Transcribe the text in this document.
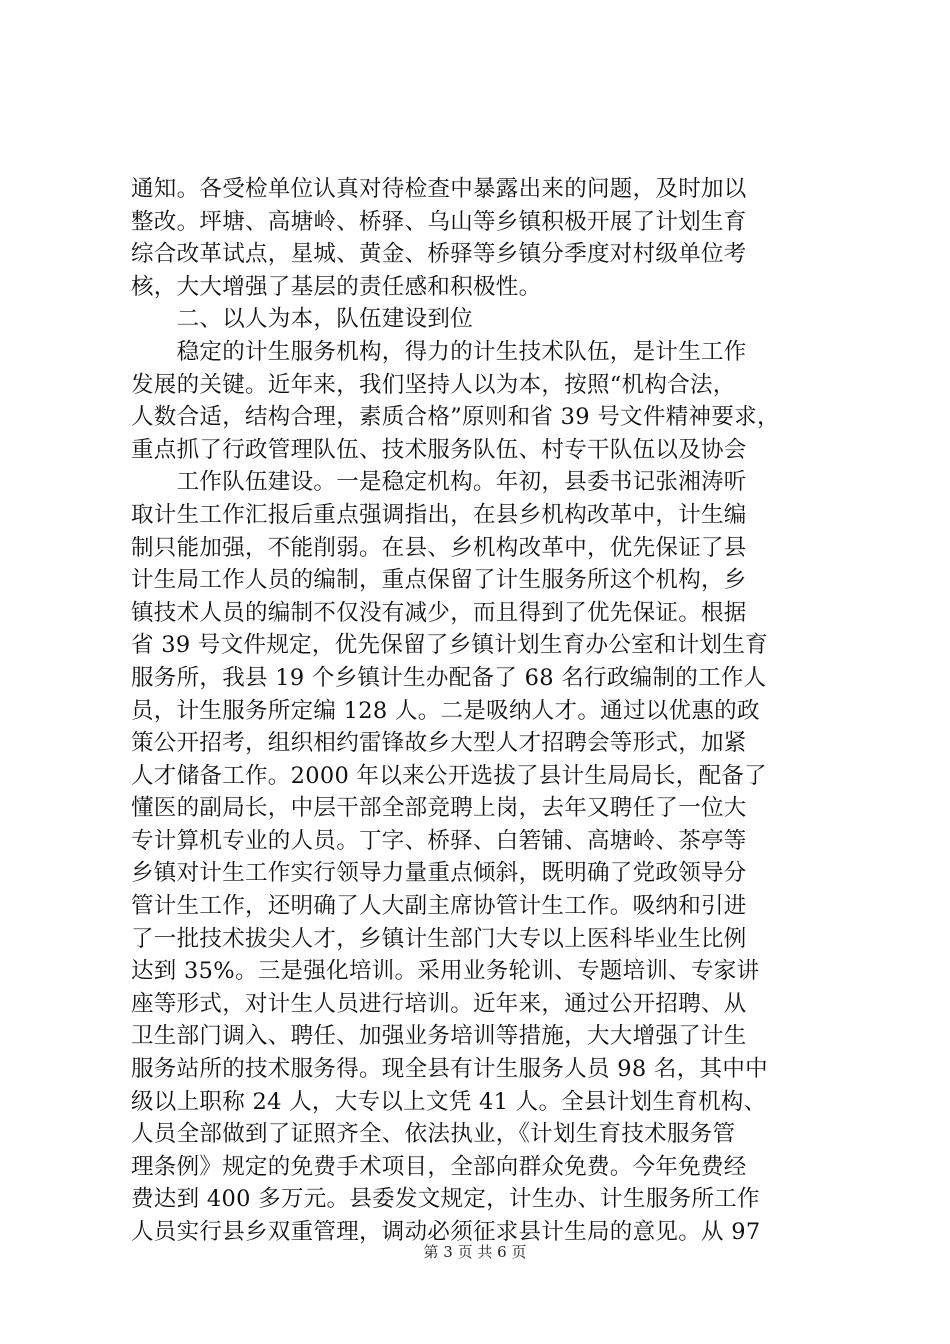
通知。各受检单位认真对待检查中暴露出来的问题，及时加以
整改。坪塘、高塘岭、桥驿、乌山等乡镇积极开展了计划生育
综合改革试点，星城、黄金、桥驿等乡镇分季度对村级单位考
核，大大增强了基层的责任感和积极性。
　　二、以人为本，队伍建设到位
　　稳定的计生服务机构，得力的计生技术队伍，是计生工作
发展的关键。近年来，我们坚持人以为本，按照“机构合法，
人数合适，结构合理，素质合格”原则和省 39 号文件精神要求，
重点抓了行政管理队伍、技术服务队伍、村专干队伍以及协会
　　工作队伍建设。一是稳定机构。年初，县委书记张湘涛听
取计生工作汇报后重点强调指出，在县乡机构改革中，计生编
制只能加强，不能削弱。在县、乡机构改革中，优先保证了县
计生局工作人员的编制，重点保留了计生服务所这个机构，乡
镇技术人员的编制不仅没有减少，而且得到了优先保证。根据
省 39 号文件规定，优先保留了乡镇计划生育办公室和计划生育
服务所，我县 19 个乡镇计生办配备了 68 名行政编制的工作人
员，计生服务所定编 128 人。二是吸纳人才。通过以优惠的政
策公开招考，组织相约雷锋故乡大型人才招聘会等形式，加紧
人才储备工作。2000 年以来公开选拔了县计生局局长，配备了
懂医的副局长，中层干部全部竞聘上岗，去年又聘任了一位大
专计算机专业的人员。丁字、桥驿、白箬铺、高塘岭、茶亭等
乡镇对计生工作实行领导力量重点倾斜，既明确了党政领导分
管计生工作，还明确了人大副主席协管计生工作。吸纳和引进
了一批技术拔尖人才，乡镇计生部门大专以上医科毕业生比例
达到 35%。三是强化培训。采用业务轮训、专题培训、专家讲
座等形式，对计生人员进行培训。近年来，通过公开招聘、从
卫生部门调入、聘任、加强业务培训等措施，大大增强了计生
服务站所的技术服务得。现全县有计生服务人员 98 名，其中中
级以上职称 24 人，大专以上文凭 41 人。全县计划生育机构、
人员全部做到了证照齐全、依法执业，《计划生育技术服务管
理条例》规定的免费手术项目，全部向群众免费。今年免费经
费达到 400 多万元。县委发文规定，计生办、计生服务所工作
人员实行县乡双重管理，调动必须征求县计生局的意见。从 97
第 3 页 共 6 页
